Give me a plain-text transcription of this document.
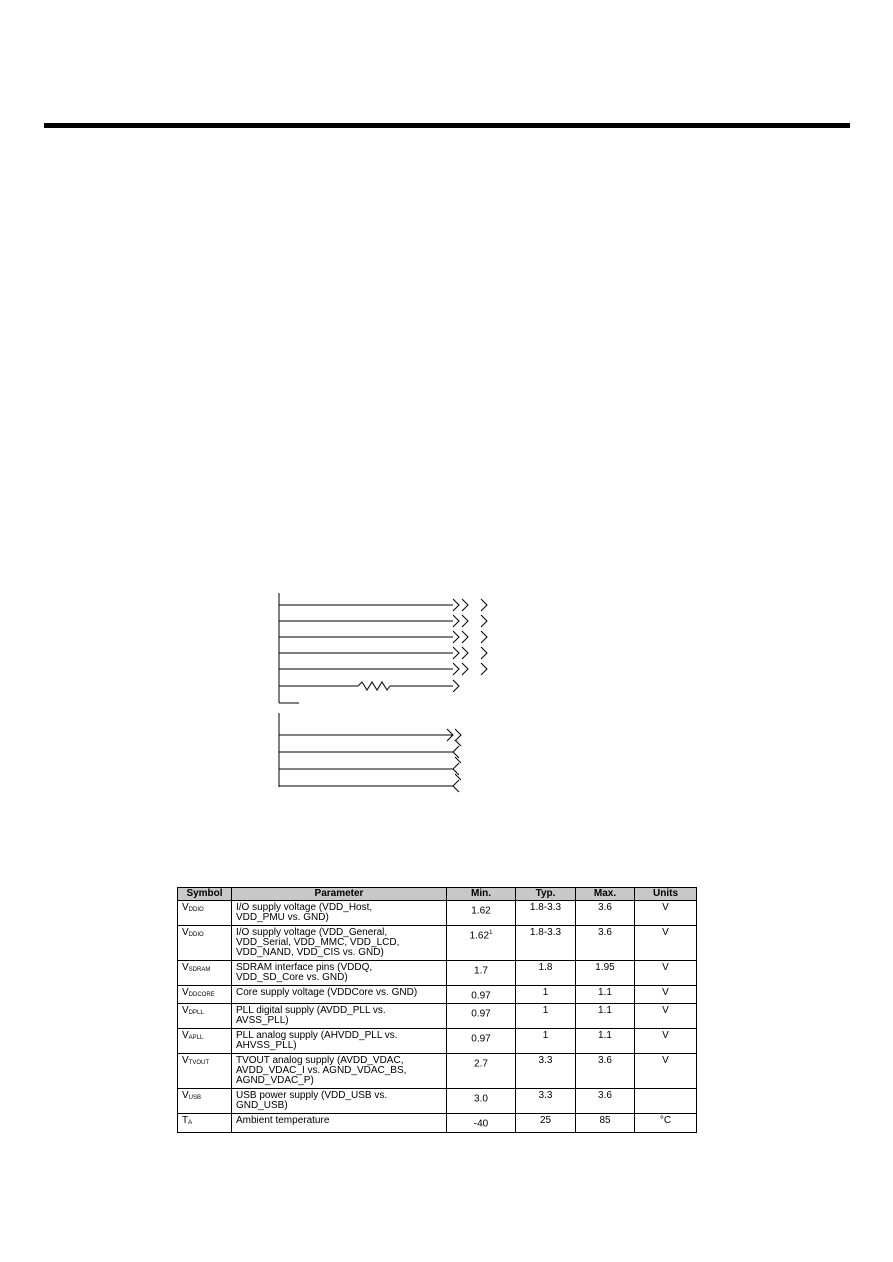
Symbol	Parameter	Min.	Typ.	Max.	Units
$V_{DDIO}$	I/O supply voltage (VDD_Host,
VDD_PMU vs. GND)	1.62	1.8-3.3	3.6	V
$V_{DDIO}$	I/O supply voltage (VDD_General,
VDD_Serial, VDD_MMC, VDD_LCD,
VDD_NAND, VDD_CIS vs. GND)	1.62$^1$	1.8-3.3	3.6	V
$V_{SDRAM}$	SDRAM interface pins (VDDQ,
VDD_SD_Core vs. GND)	1.7	1.8	1.95	V
$V_{DDCORE}$	Core supply voltage (VDDCore vs. GND)	0.97	1	1.1	V
$V_{DPLL}$	PLL digital supply (AVDD_PLL vs.
AVSS_PLL)	0.97	1	1.1	V
$V_{APLL}$	PLL analog supply (AHVDD_PLL vs.
AHVSS_PLL)	0.97	1	1.1	V
$V_{TVOUT}$	TVOUT analog supply (AVDD_VDAC,
AVDD_VDAC_I vs. AGND_VDAC_BS,
AGND_VDAC_P)	2.7	3.3	3.6	V
$V_{USB}$	USB power supply (VDD_USB vs.
GND_USB)	3.0	3.3	3.6	
$T_A$	Ambient temperature	-40	25	85	°C
